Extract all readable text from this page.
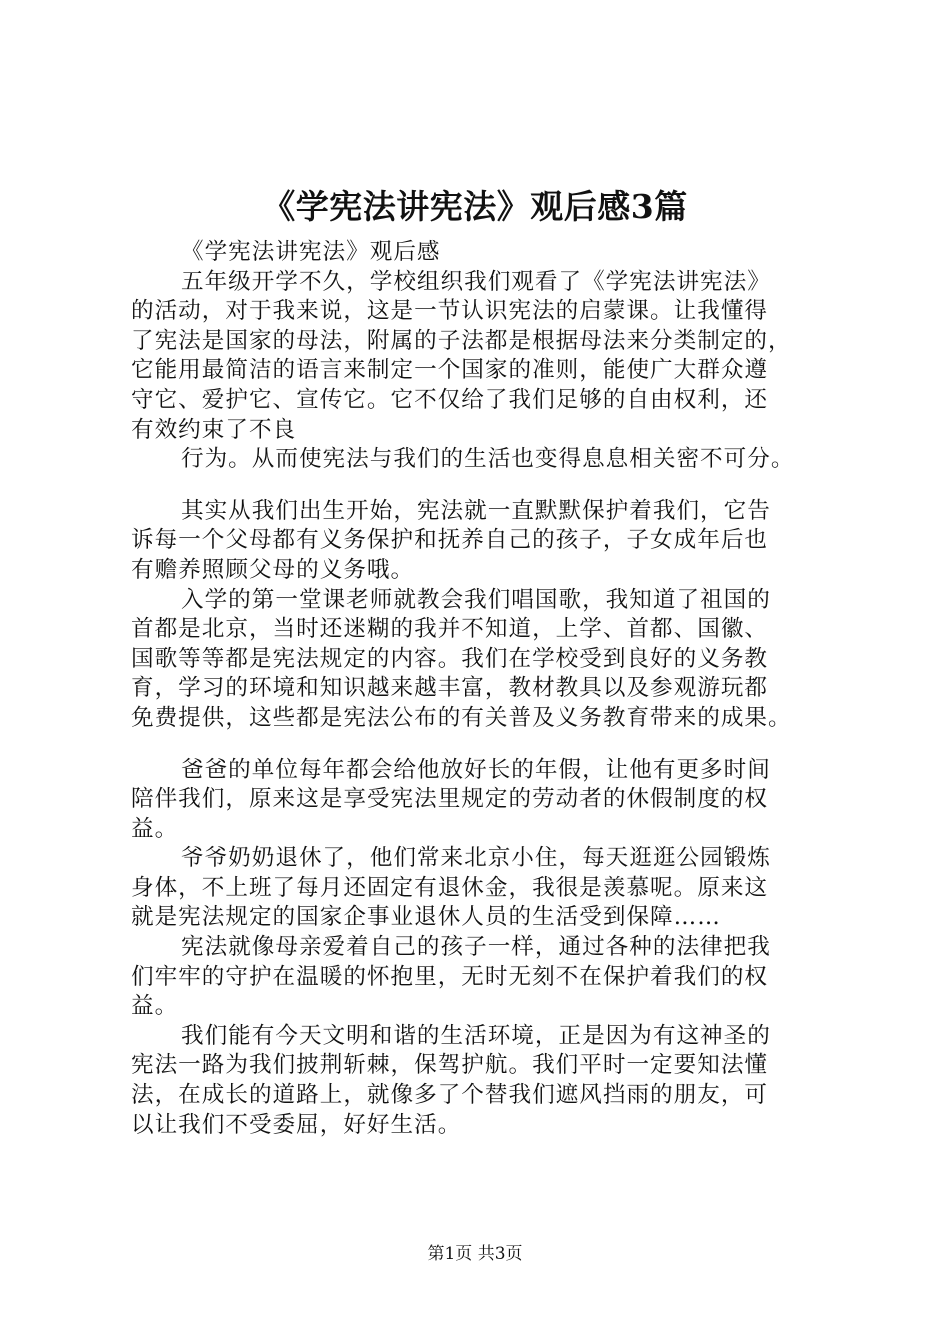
《学宪法讲宪法》观后感3篇
《学宪法讲宪法》观后感
五年级开学不久，学校组织我们观看了《学宪法讲宪法》
的活动，对于我来说，这是一节认识宪法的启蒙课。让我懂得
了宪法是国家的母法，附属的子法都是根据母法来分类制定的，
它能用最简洁的语言来制定一个国家的准则，能使广大群众遵
守它、爱护它、宣传它。它不仅给了我们足够的自由权利，还
有效约束了不良
行为。从而使宪法与我们的生活也变得息息相关密不可分。
其实从我们出生开始，宪法就一直默默保护着我们，它告
诉每一个父母都有义务保护和抚养自己的孩子，子女成年后也
有赡养照顾父母的义务哦。
入学的第一堂课老师就教会我们唱国歌，我知道了祖国的
首都是北京，当时还迷糊的我并不知道，上学、首都、国徽、
国歌等等都是宪法规定的内容。我们在学校受到良好的义务教
育，学习的环境和知识越来越丰富，教材教具以及参观游玩都
免费提供，这些都是宪法公布的有关普及义务教育带来的成果。
爸爸的单位每年都会给他放好长的年假，让他有更多时间
陪伴我们，原来这是享受宪法里规定的劳动者的休假制度的权
益。
爷爷奶奶退休了，他们常来北京小住，每天逛逛公园锻炼
身体，不上班了每月还固定有退休金，我很是羡慕呢。原来这
就是宪法规定的国家企事业退休人员的生活受到保障……
宪法就像母亲爱着自己的孩子一样，通过各种的法律把我
们牢牢的守护在温暖的怀抱里，无时无刻不在保护着我们的权
益。
我们能有今天文明和谐的生活环境，正是因为有这神圣的
宪法一路为我们披荆斩棘，保驾护航。我们平时一定要知法懂
法，在成长的道路上，就像多了个替我们遮风挡雨的朋友，可
以让我们不受委屈，好好生活。
第1页 共3页
